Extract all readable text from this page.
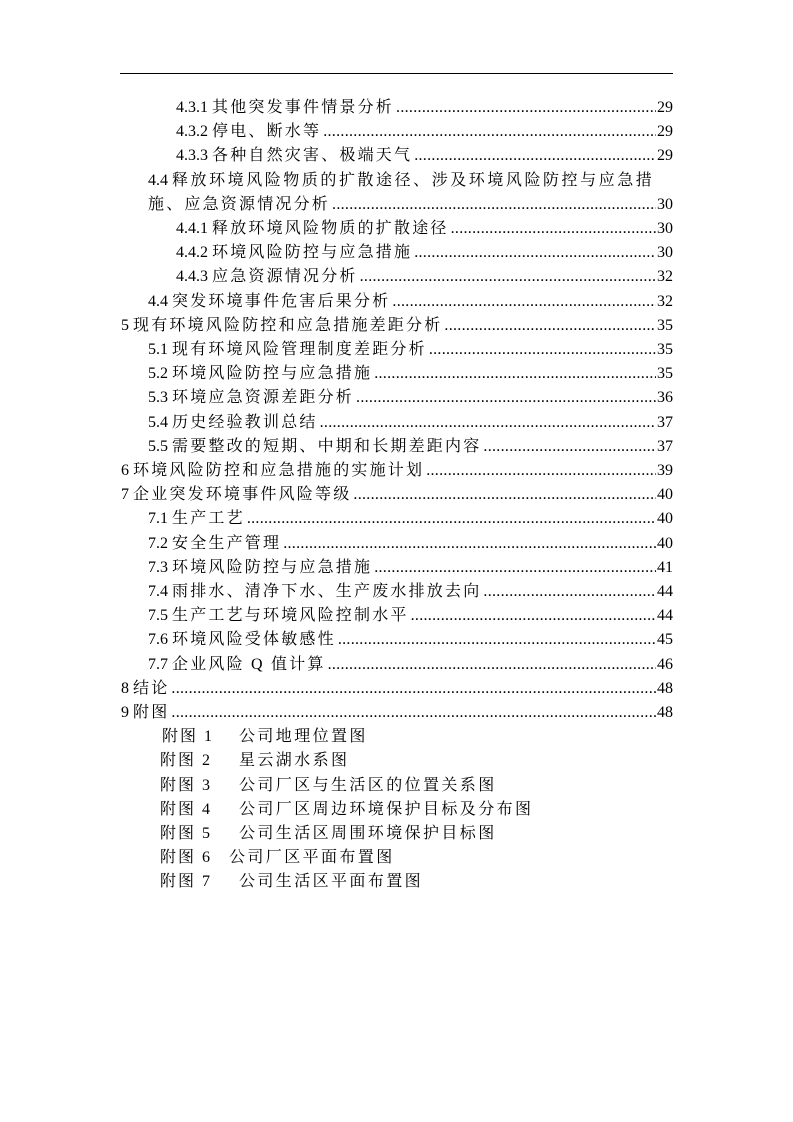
4.3.1 其他突发事件情景分析 .....	29
4.3.2 停电、断水等 .....	29
4.3.3 各种自然灾害、极端天气 .....	29
4.4 释放环境风险物质的扩散途径、涉及环境风险防控与应急措
施、应急资源情况分析 .....	30
4.4.1 释放环境风险物质的扩散途径 .....	30
4.4.2 环境风险防控与应急措施 .....	30
4.4.3 应急资源情况分析 .....	32
4.4 突发环境事件危害后果分析 .....	32
5 现有环境风险防控和应急措施差距分析 .....	35
5.1 现有环境风险管理制度差距分析 .....	35
5.2 环境风险防控与应急措施 .....	35
5.3 环境应急资源差距分析 .....	36
5.4 历史经验教训总结 .....	37
5.5 需要整改的短期、中期和长期差距内容 .....	37
6 环境风险防控和应急措施的实施计划 .....	39
7 企业突发环境事件风险等级 .....	40
7.1 生产工艺 .....	40
7.2 安全生产管理 .....	40
7.3 环境风险防控与应急措施 .....	41
7.4 雨排水、清净下水、生产废水排放去向 .....	44
7.5 生产工艺与环境风险控制水平 .....	44
7.6 环境风险受体敏感性 .....	45
7.7 企业风险 Q 值计算 .....	46
8 结论 .....	48
9 附图 .....	48
附图 1 公司地理位置图
附图 2 星云湖水系图
附图 3 公司厂区与生活区的位置关系图
附图 4 公司厂区周边环境保护目标及分布图
附图 5 公司生活区周围环境保护目标图
附图 6 公司厂区平面布置图
附图 7 公司生活区平面布置图
